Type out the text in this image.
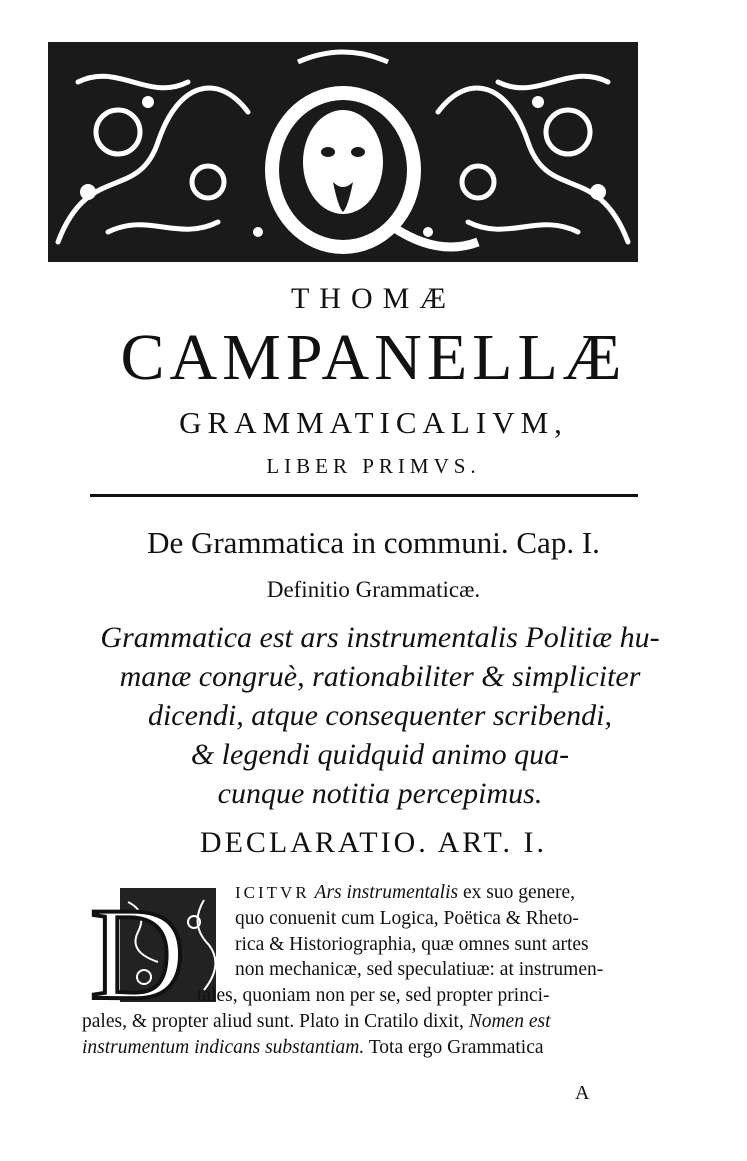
THOMÆ
CAMPANELLÆ
GRAMMATICALIVM,
LIBER PRIMVS.
De Grammatica in communi. Cap. I.
Definitio Grammaticæ.
Grammatica est ars instrumentalis Politiæ hu-
manæ congruè, rationabiliter & simpliciter
dicendi, atque consequenter scribendi,
& legendi quidquid animo qua-
cunque notitia percepimus.
DECLARATIO. ART. I.
D	ICITVR Ars instrumentalis ex suo genere,
quo conuenit cum Logica, Poëtica & Rheto-
rica & Historiographia, quæ omnes sunt artes
non mechanicæ, sed speculatiuæ: at instrumen-
tales, quoniam non per se, sed propter princi-
pales, & propter aliud sunt. Plato in Cratilo dixit, Nomen est
instrumentum indicans substantiam. Tota ergo Grammatica
A
